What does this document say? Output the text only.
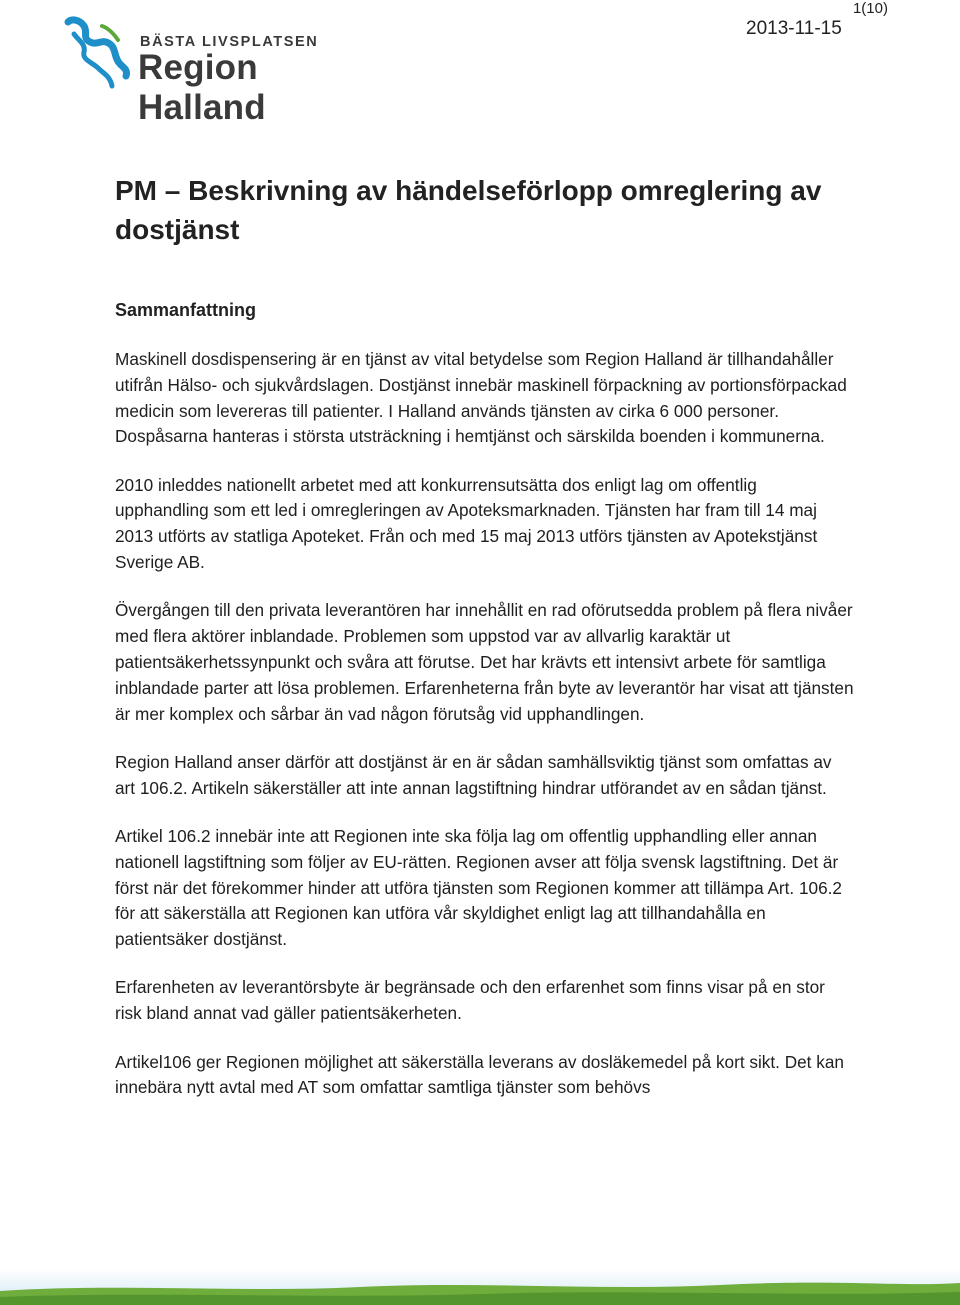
1(10)
2013-11-15
BÄSTA LIVSPLATSEN
Region Halland
PM – Beskrivning av händelseförlopp omreglering av dostjänst
Sammanfattning

Maskinell dosdispensering är en tjänst av vital betydelse som Region Halland är tillhandahåller utifrån Hälso- och sjukvårdslagen. Dostjänst innebär maskinell förpackning av portionsförpackad medicin som levereras till patienter. I Halland används tjänsten av cirka 6 000 personer. Dospåsarna hanteras i största utsträckning i hemtjänst och särskilda boenden i kommunerna.

2010 inleddes nationellt arbetet med att konkurrensutsätta dos enligt lag om offentlig upphandling som ett led i omregleringen av Apoteksmarknaden. Tjänsten har fram till 14 maj 2013 utförts av statliga Apoteket. Från och med 15 maj 2013 utförs tjänsten av Apotekstjänst Sverige AB.

Övergången till den privata leverantören har innehållit en rad oförutsedda problem på flera nivåer med flera aktörer inblandade. Problemen som uppstod var av allvarlig karaktär ut patientsäkerhetssynpunkt och svåra att förutse. Det har krävts ett intensivt arbete för samtliga inblandade parter att lösa problemen. Erfarenheterna från byte av leverantör har visat att tjänsten är mer komplex och sårbar än vad någon förutsåg vid upphandlingen.

Region Halland anser därför att dostjänst är en är sådan samhällsviktig tjänst som omfattas av art 106.2. Artikeln säkerställer att inte annan lagstiftning hindrar utförandet av en sådan tjänst.

Artikel 106.2 innebär inte att Regionen inte ska följa lag om offentlig upphandling eller annan nationell lagstiftning som följer av EU-rätten. Regionen avser att följa svensk lagstiftning. Det är först när det förekommer hinder att utföra tjänsten som Regionen kommer att tillämpa Art. 106.2 för att säkerställa att Regionen kan utföra vår skyldighet enligt lag att tillhandahålla en patientsäker dostjänst.

Erfarenheten av leverantörsbyte är begränsade och den erfarenhet som finns visar på en stor risk bland annat vad gäller patientsäkerheten.

Artikel106 ger Regionen möjlighet att säkerställa leverans av dosläkemedel på kort sikt. Det kan innebära nytt avtal med AT som omfattar samtliga tjänster som behövs
